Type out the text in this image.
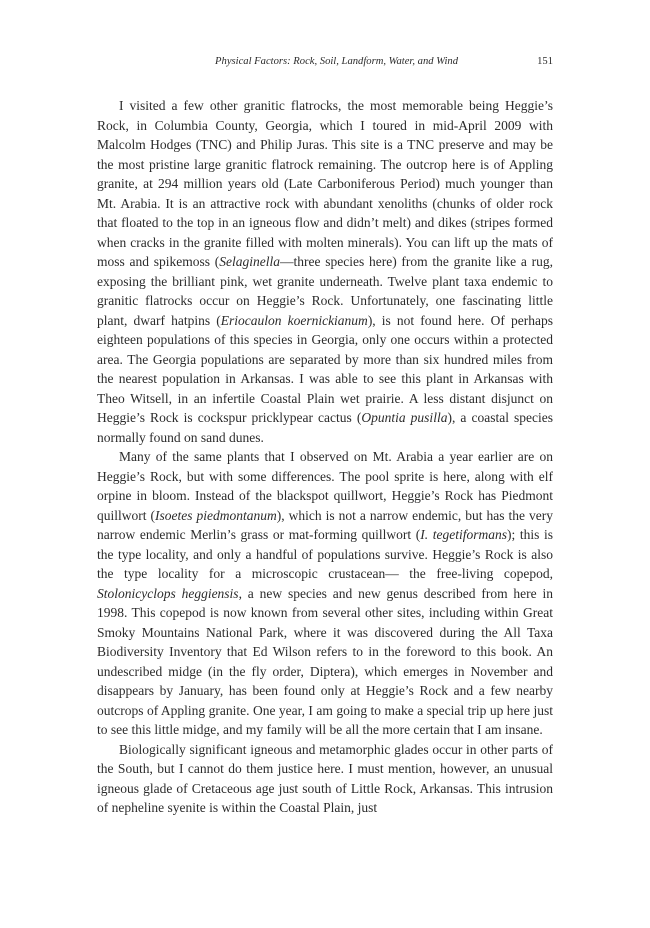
Physical Factors: Rock, Soil, Landform, Water, and Wind	151

I visited a few other granitic flatrocks, the most memorable being Heggie’s Rock, in Columbia County, Georgia, which I toured in mid-April 2009 with Malcolm Hodges (TNC) and Philip Juras. This site is a TNC preserve and may be the most pristine large granitic flatrock remaining. The outcrop here is of Appling granite, at 294 million years old (Late Carboniferous Period) much younger than Mt. Arabia. It is an attractive rock with abundant xenoliths (chunks of older rock that floated to the top in an igneous flow and didn’t melt) and dikes (stripes formed when cracks in the granite filled with molten minerals). You can lift up the mats of moss and spikemoss (Selaginella—three species here) from the granite like a rug, exposing the brilliant pink, wet granite underneath. Twelve plant taxa endemic to granitic flatrocks occur on Heggie’s Rock. Unfortunately, one fascinating little plant, dwarf hatpins (Eriocaulon koernickianum), is not found here. Of perhaps eighteen populations of this species in Georgia, only one occurs within a protected area. The Georgia populations are separated by more than six hundred miles from the nearest population in Arkansas. I was able to see this plant in Arkansas with Theo Witsell, in an infertile Coastal Plain wet prairie. A less distant disjunct on Heggie’s Rock is cockspur pricklypear cactus (Opuntia pusilla), a coastal species normally found on sand dunes.

Many of the same plants that I observed on Mt. Arabia a year earlier are on Heggie’s Rock, but with some differences. The pool sprite is here, along with elf orpine in bloom. Instead of the blackspot quillwort, Heggie’s Rock has Piedmont quillwort (Isoetes piedmontanum), which is not a narrow endemic, but has the very narrow endemic Merlin’s grass or mat-forming quillwort (I. tegetiformans); this is the type locality, and only a handful of populations survive. Heggie’s Rock is also the type locality for a microscopic crustacean— the free-living copepod, Stolonicyclops heggiensis, a new species and new genus described from here in 1998. This copepod is now known from several other sites, including within Great Smoky Mountains National Park, where it was discovered during the All Taxa Biodiversity Inventory that Ed Wilson refers to in the foreword to this book. An undescribed midge (in the fly order, Diptera), which emerges in November and disappears by January, has been found only at Heggie’s Rock and a few nearby outcrops of Appling granite. One year, I am going to make a special trip up here just to see this little midge, and my family will be all the more certain that I am insane.

Biologically significant igneous and metamorphic glades occur in other parts of the South, but I cannot do them justice here. I must mention, however, an unusual igneous glade of Cretaceous age just south of Little Rock, Arkansas. This intrusion of nepheline syenite is within the Coastal Plain, just
